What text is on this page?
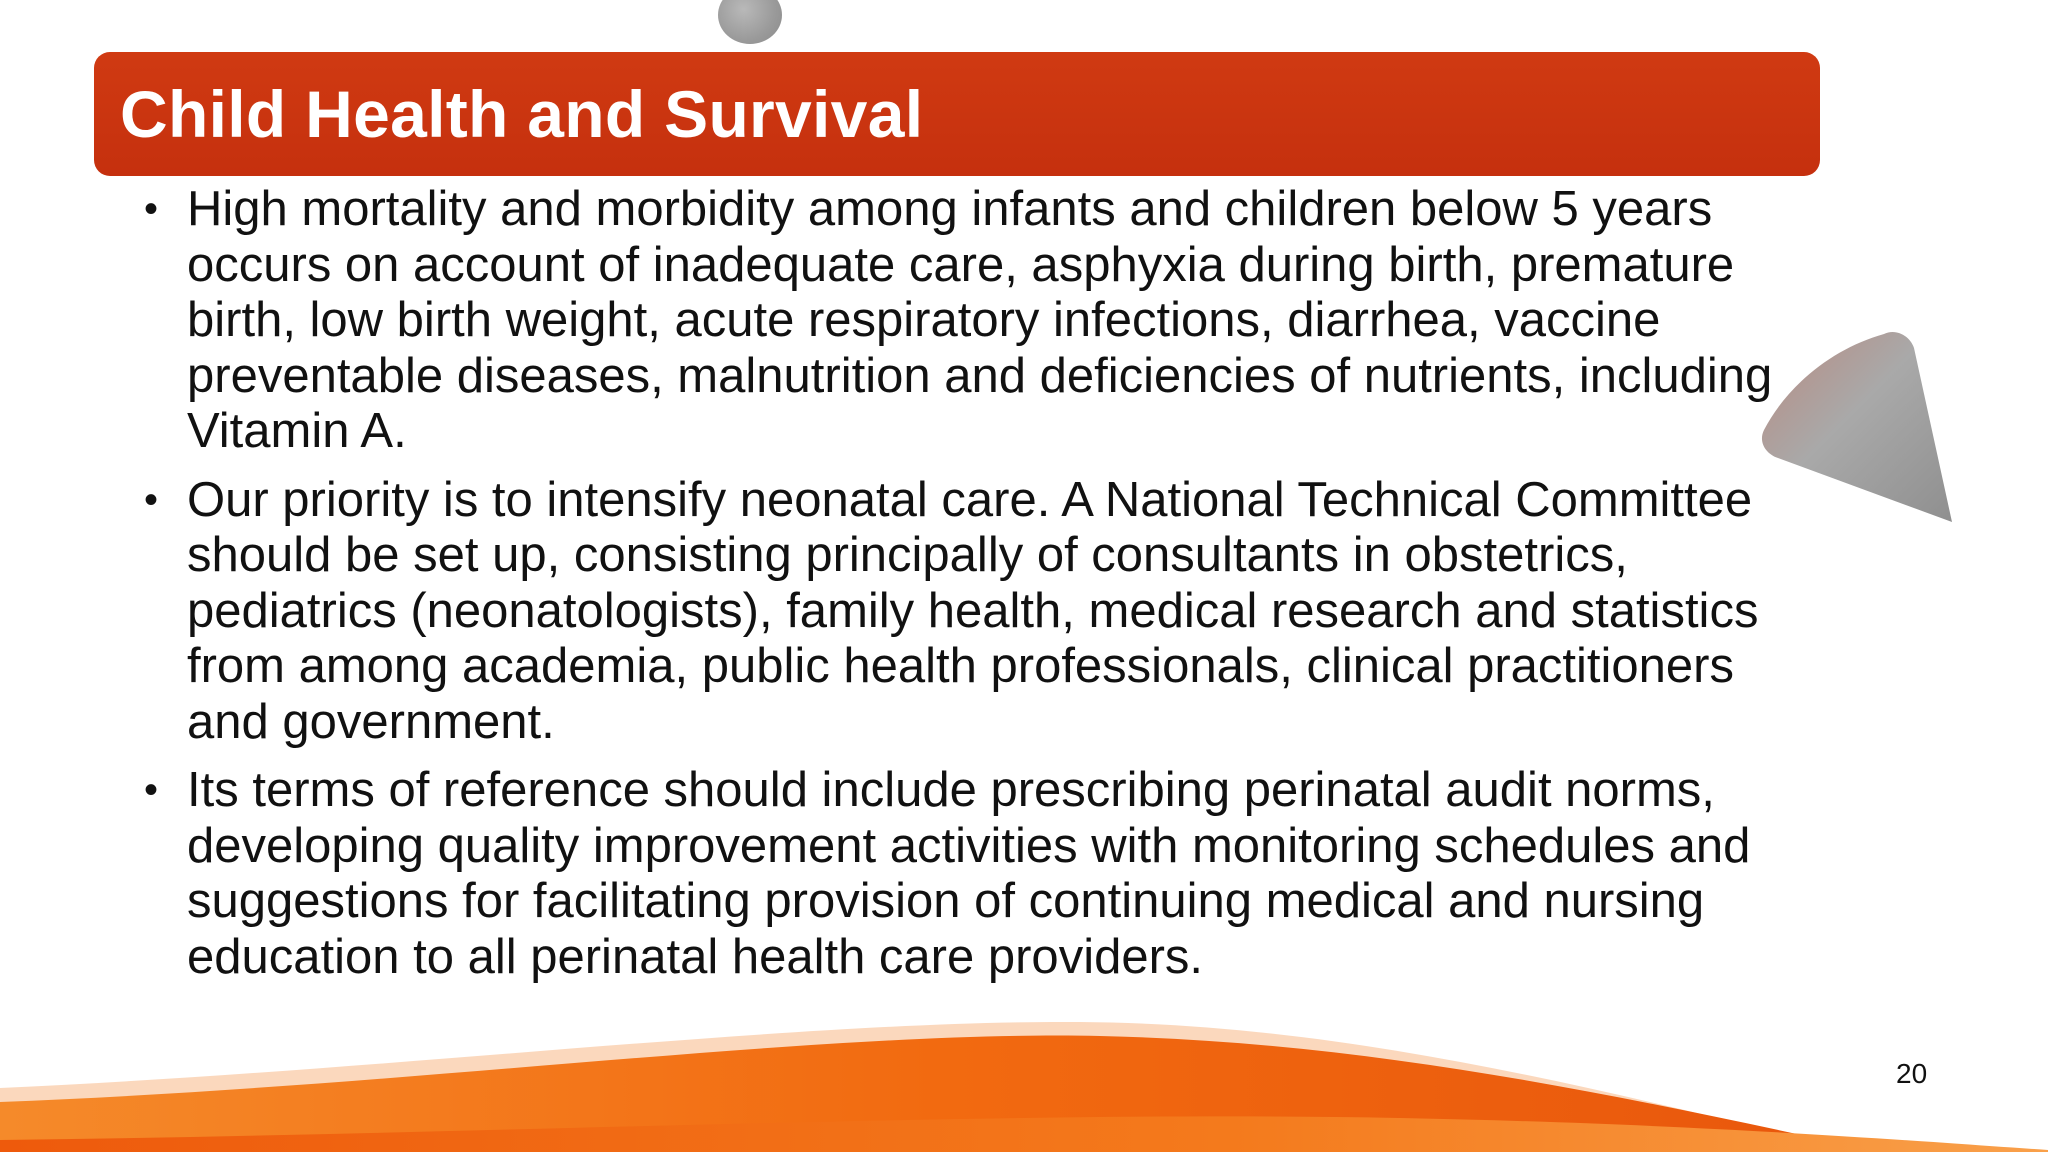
Child Health and Survival
• High mortality and morbidity among infants and children below 5 years occurs on account of inadequate care, asphyxia during birth, premature birth, low birth weight, acute respiratory infections, diarrhea, vaccine preventable diseases, malnutrition and deficiencies of nutrients, including Vitamin A.
• Our priority is to intensify neonatal care. A National Technical Committee should be set up, consisting principally of consultants in obstetrics, pediatrics (neonatologists), family health, medical research and statistics from among academia, public health professionals, clinical practitioners and government.
• Its terms of reference should include prescribing perinatal audit norms, developing quality improvement activities with monitoring schedules and suggestions for facilitating provision of continuing medical and nursing education to all perinatal health care providers.
20
